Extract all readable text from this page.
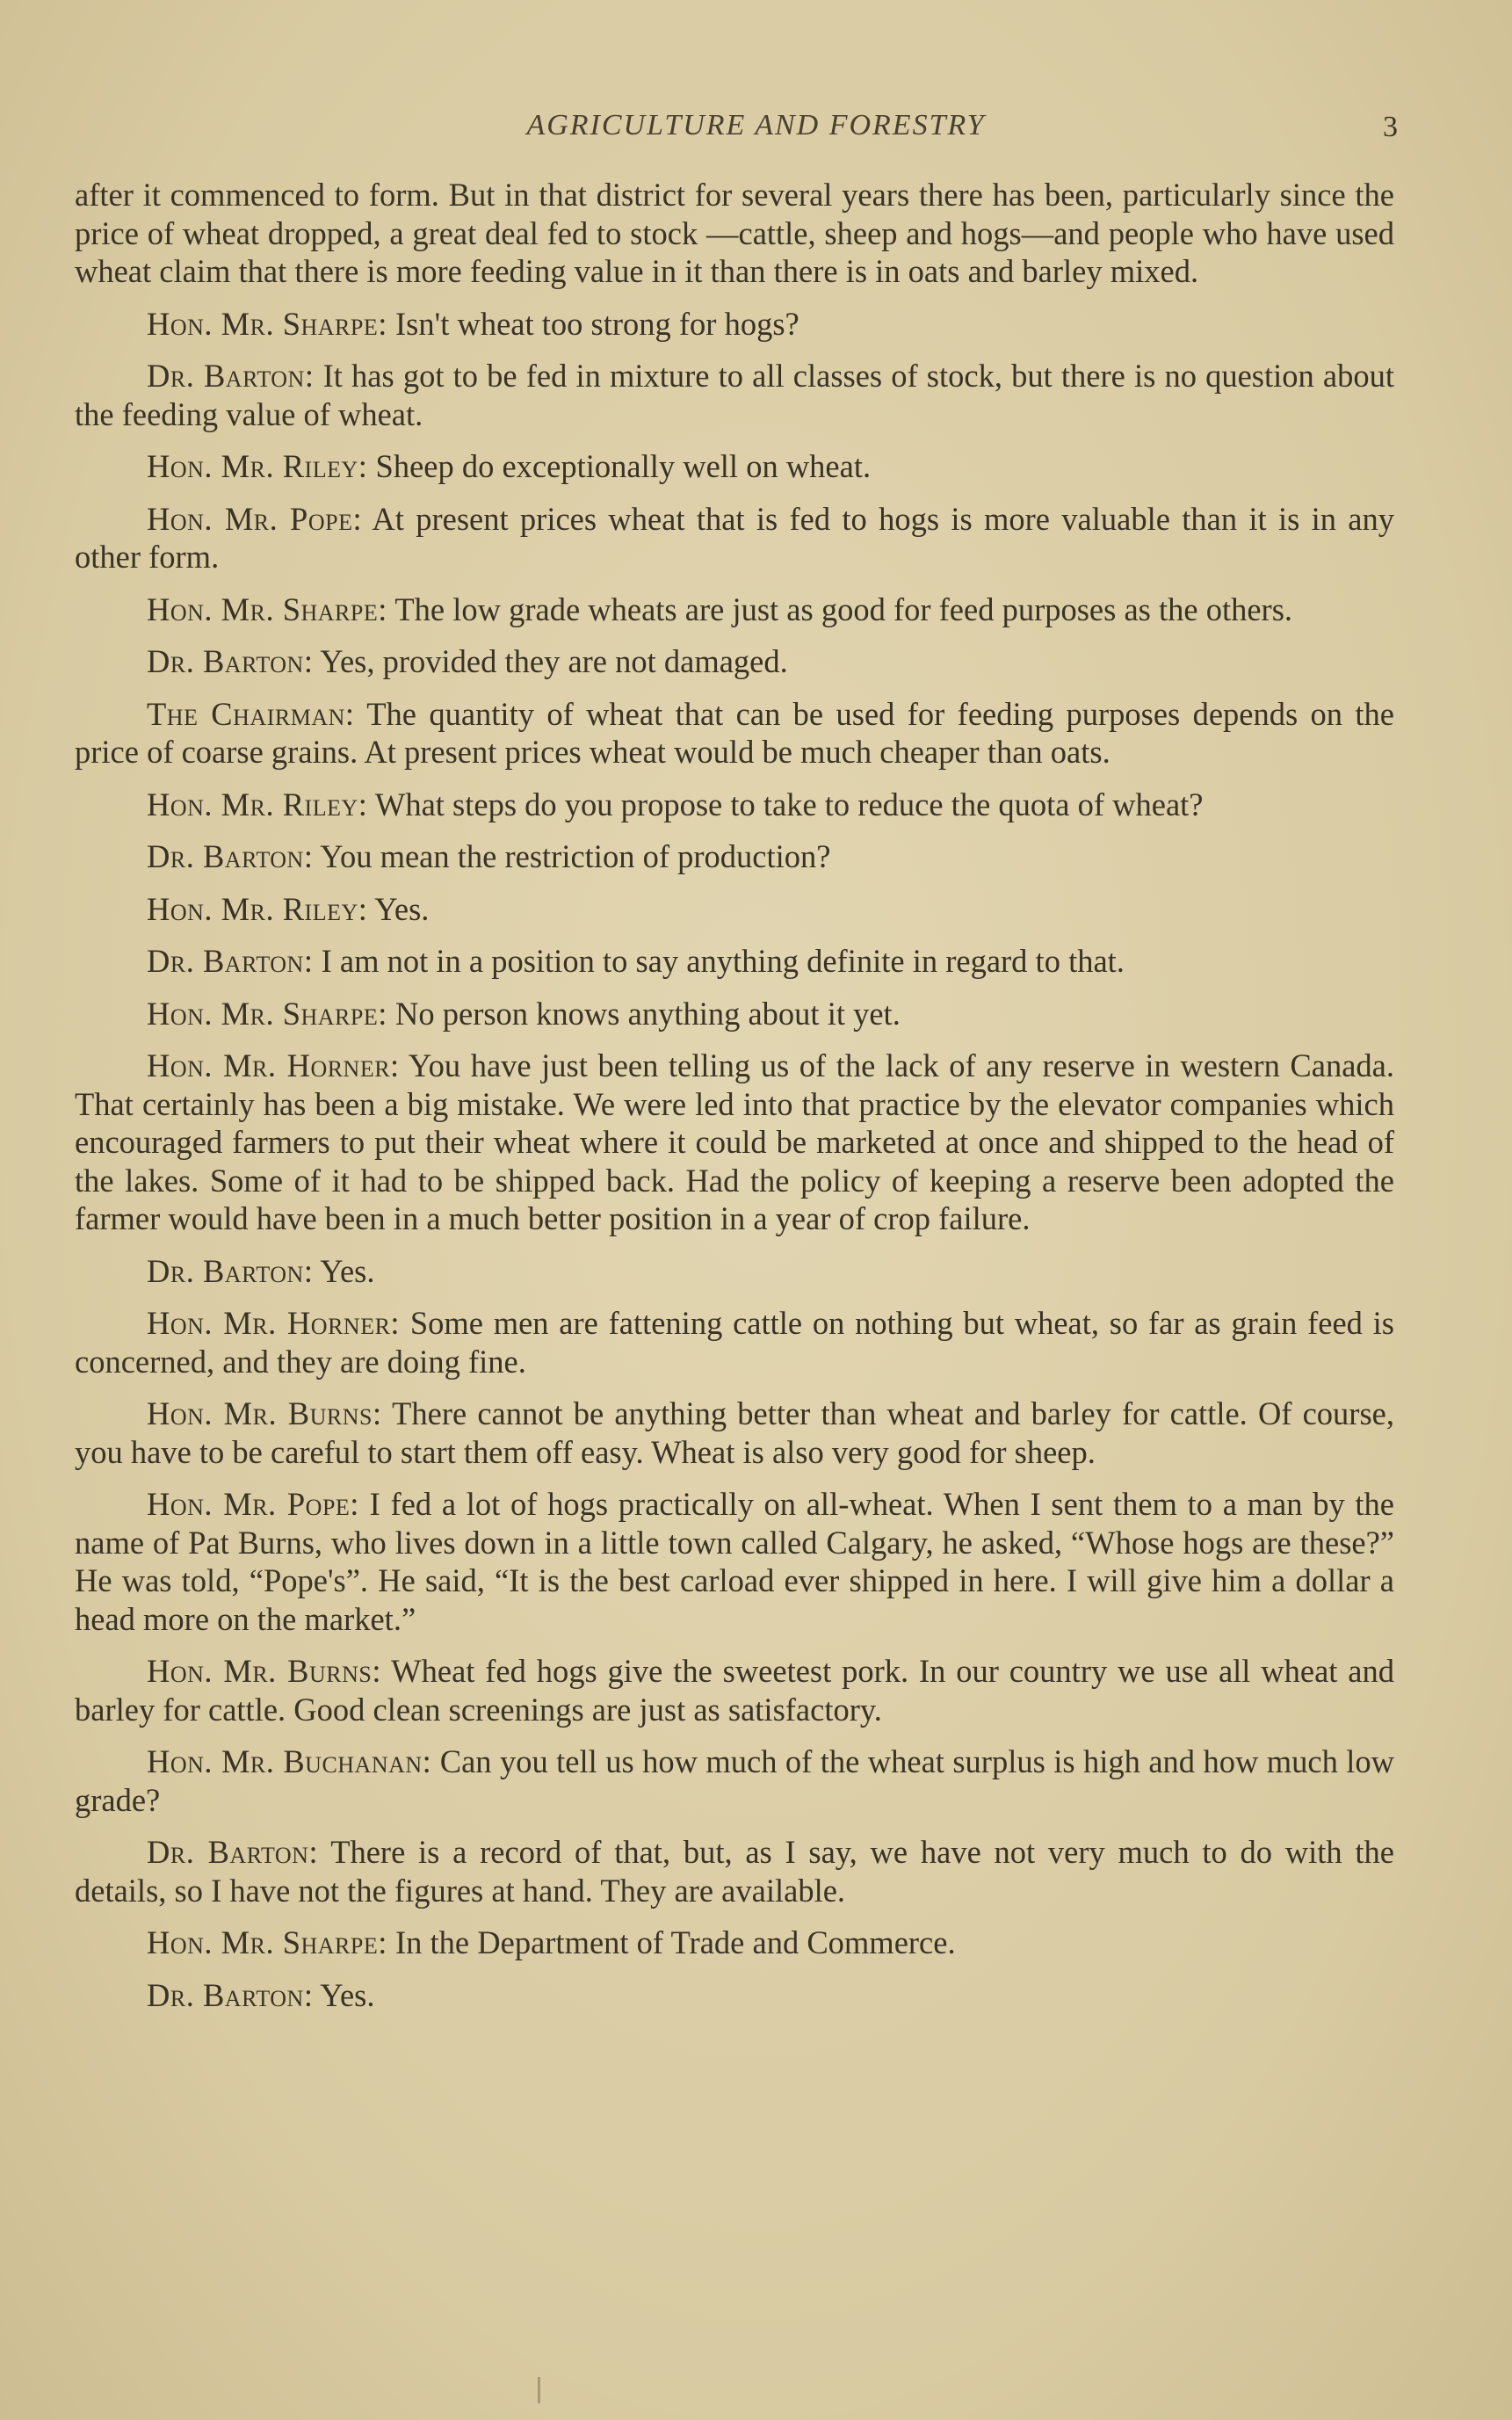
AGRICULTURE AND FORESTRY	3

after it commenced to form. But in that district for several years there has been, particularly since the price of wheat dropped, a great deal fed to stock —cattle, sheep and hogs—and people who have used wheat claim that there is more feeding value in it than there is in oats and barley mixed.

Hon. Mr. Sharpe: Isn't wheat too strong for hogs?

Dr. Barton: It has got to be fed in mixture to all classes of stock, but there is no question about the feeding value of wheat.

Hon. Mr. Riley: Sheep do exceptionally well on wheat.

Hon. Mr. Pope: At present prices wheat that is fed to hogs is more valuable than it is in any other form.

Hon. Mr. Sharpe: The low grade wheats are just as good for feed purposes as the others.

Dr. Barton: Yes, provided they are not damaged.

The Chairman: The quantity of wheat that can be used for feeding purposes depends on the price of coarse grains. At present prices wheat would be much cheaper than oats.

Hon. Mr. Riley: What steps do you propose to take to reduce the quota of wheat?

Dr. Barton: You mean the restriction of production?

Hon. Mr. Riley: Yes.

Dr. Barton: I am not in a position to say anything definite in regard to that.

Hon. Mr. Sharpe: No person knows anything about it yet.

Hon. Mr. Horner: You have just been telling us of the lack of any reserve in western Canada. That certainly has been a big mistake. We were led into that practice by the elevator companies which encouraged farmers to put their wheat where it could be marketed at once and shipped to the head of the lakes. Some of it had to be shipped back. Had the policy of keeping a reserve been adopted the farmer would have been in a much better position in a year of crop failure.

Dr. Barton: Yes.

Hon. Mr. Horner: Some men are fattening cattle on nothing but wheat, so far as grain feed is concerned, and they are doing fine.

Hon. Mr. Burns: There cannot be anything better than wheat and barley for cattle. Of course, you have to be careful to start them off easy. Wheat is also very good for sheep.

Hon. Mr. Pope: I fed a lot of hogs practically on all-wheat. When I sent them to a man by the name of Pat Burns, who lives down in a little town called Calgary, he asked, “Whose hogs are these?” He was told, “Pope's”. He said, “It is the best carload ever shipped in here. I will give him a dollar a head more on the market.”

Hon. Mr. Burns: Wheat fed hogs give the sweetest pork. In our country we use all wheat and barley for cattle. Good clean screenings are just as satisfactory.

Hon. Mr. Buchanan: Can you tell us how much of the wheat surplus is high and how much low grade?

Dr. Barton: There is a record of that, but, as I say, we have not very much to do with the details, so I have not the figures at hand. They are available.

Hon. Mr. Sharpe: In the Department of Trade and Commerce.

Dr. Barton: Yes.
